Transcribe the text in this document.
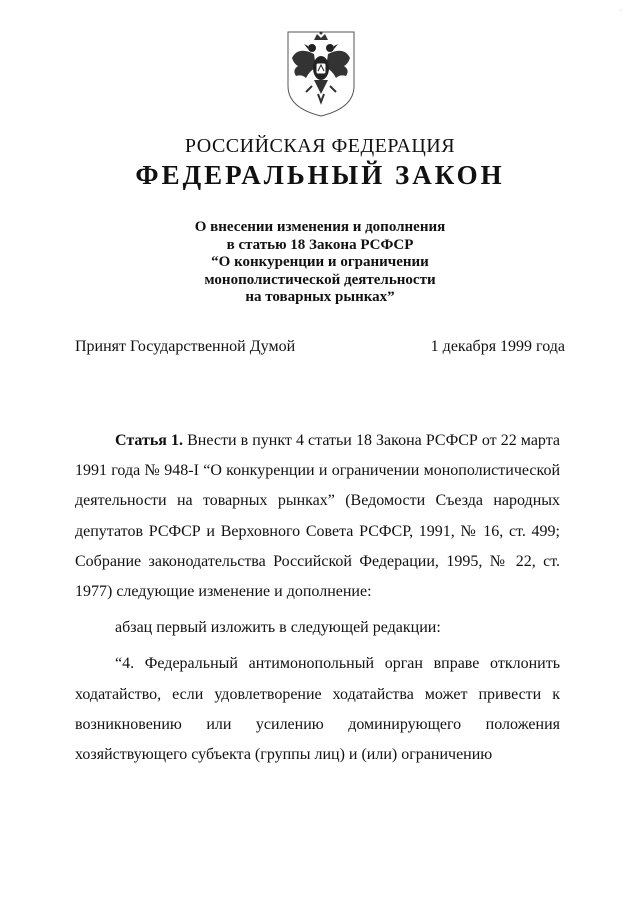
·
РОССИЙСКАЯ ФЕДЕРАЦИЯ
ФЕДЕРАЛЬНЫЙ ЗАКОН
О внесении изменения и дополнения
в статью 18 Закона РСФСР
“О конкуренции и ограничении
монополистической деятельности
на товарных рынках”
Принят Государственной Думой	1 декабря 1999 года

Статья 1. Внести в пункт 4 статьи 18 Закона РСФСР от 22 марта 1991 года № 948-I “О конкуренции и ограничении монополистической деятельности на товарных рынках” (Ведомости Съезда народных депутатов РСФСР и Верховного Совета РСФСР, 1991, № 16, ст. 499; Собрание законодательства Российской Федерации, 1995, № 22, ст. 1977) следующие изменение и дополнение:

абзац первый изложить в следующей редакции:

“4. Федеральный антимонопольный орган вправе отклонить ходатайство, если удовлетворение ходатайства может привести к возникновению или усилению доминирующего положения хозяйствующего субъекта (группы лиц) и (или) ограничению
